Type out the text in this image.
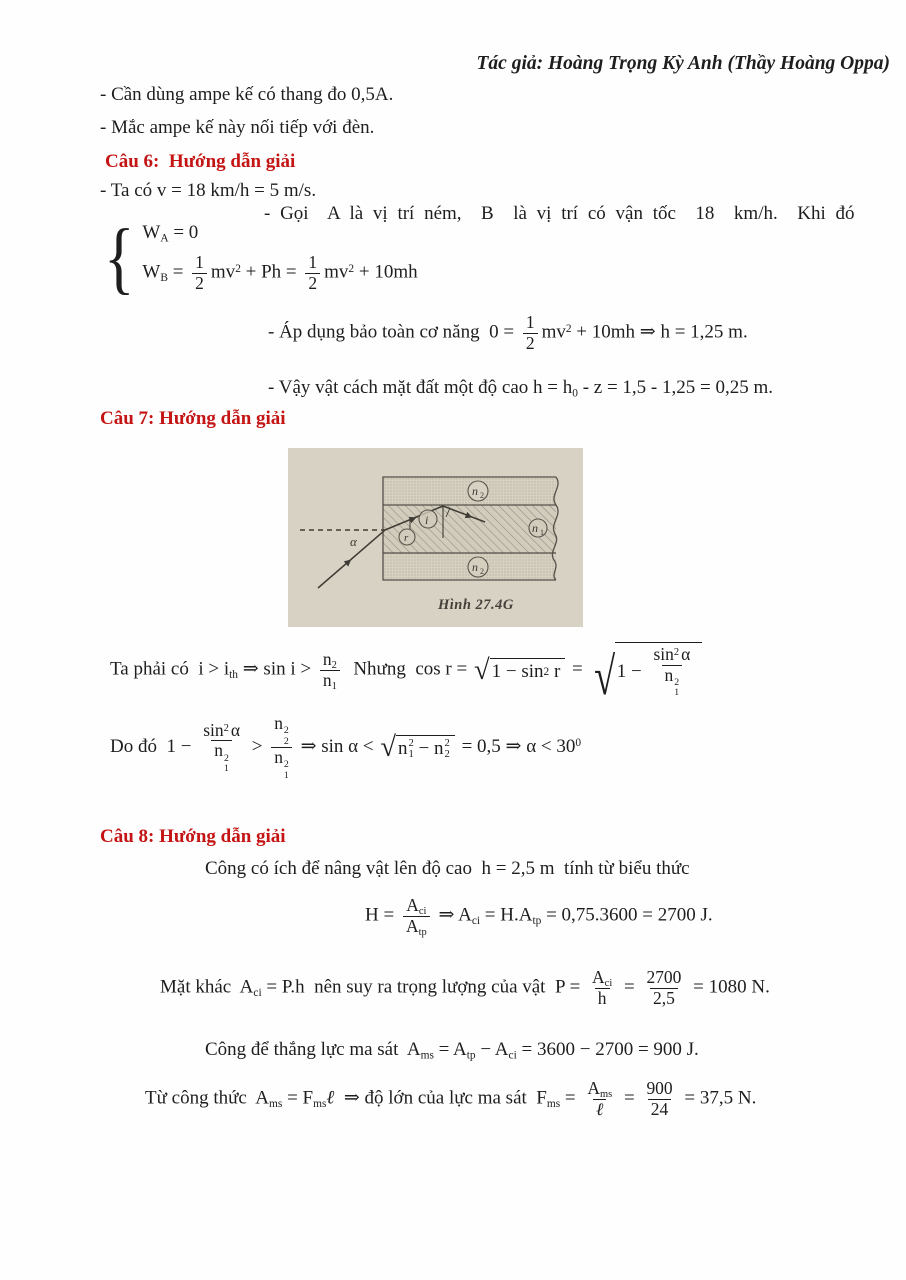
Tác giả: Hoàng Trọng Kỳ Anh (Thầy Hoàng Oppa)
- Cần dùng ampe kế có thang đo 0,5A.
- Mắc ampe kế này nối tiếp với đèn.
Câu 6:  Hướng dẫn giải
- Ta có v = 18 km/h = 5 m/s.
- Gọi  A là vị trí ném,  B  là vị trí có vận tốc  18  km/h.  Khi đó
{ $W_A = 0$
$W_B = \frac{1}{2} mv^2 + Ph = \frac{1}{2} mv^2 + 10mh$
- Áp dụng bảo toàn cơ năng  $0 = \frac{1}{2} mv^2 + 10mh$ ⇒ h = 1,25 m.
- Vậy vật cách mặt đất một độ cao $h = h_0 - z = 1,5 - 1,25 = 0,25$ m.
Câu 7: Hướng dẫn giải
n 2
n 1
n 2
i
r
α
Hình 27.4G
Ta phải có  $i > i_{th}$ ⇒ $\sin i > \frac{n_2}{n_1}$ Nhưng  cos r = √ 1 − sin 2 r = √ $1 - \sin^2 \alpha$
n 2
1
Do đó  $1 - \sin^2 \alpha$
n 2
1 > n 2
2
n 2
1 ⇒ sin α < √ n 2
1 − n 2
2 = 0,5 ⇒ $\alpha < 30^0$
Câu 8: Hướng dẫn giải
Công có ích để nâng vật lên độ cao  h = 2,5 m  tính từ biểu thức
$H = \frac{A_{ci}}{A_{tp}}$ ⇒ $A_{ci} = H.A_{tp} = 0,75.3600 = 2700$ J.
Mặt khác  $A_{ci} = P.h$  nên suy ra trọng lượng của vật  $P = \frac{A_{ci}}{h} = \frac{2700}{2,5} = 1080$ N.
Công để thắng lực ma sát  $A_{ms} = A_{tp} - A_{ci} = 3600 - 2700 = 900$ J.
Từ công thức  $A_{ms}$ = $F_{ms}\ell$  ⇒ độ lớn của lực ma sát  $F_{ms} = \frac{A_{ms}}{\text{ℓ}} = \frac{900}{24} = 37,5$ N.
